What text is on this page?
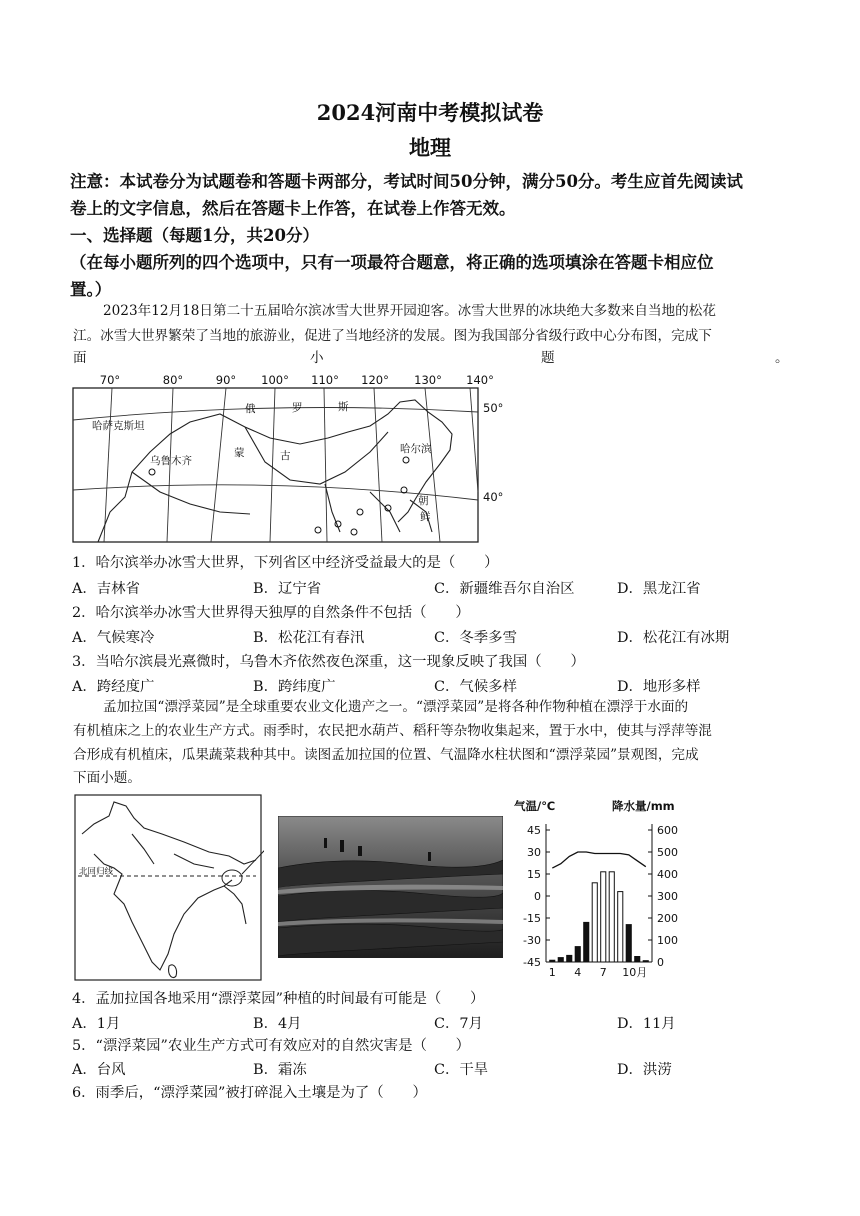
2024河南中考模拟试卷
地理
注意：本试卷分为试题卷和答题卡两部分，考试时间50分钟，满分50分。考生应首先阅读试
卷上的文字信息，然后在答题卡上作答，在试卷上作答无效。
一、选择题（每题1分，共20分）
（在每小题所列的四个选项中，只有一项最符合题意，将正确的选项填涂在答题卡相应位
置。）
2023年12月18日第二十五届哈尔滨冰雪大世界开园迎客。冰雪大世界的冰块绝大多数来自当地的松花
江。冰雪大世界繁荣了当地的旅游业，促进了当地经济的发展。图为我国部分省级行政中心分布图，完成下
面	小	题	。
70°	80°	90° 100° 110° 120° 130° 140°
50°
40°
哈萨克斯坦
俄	罗	斯
蒙	古
乌鲁木齐
哈尔滨
朝
鲜
1．哈尔滨举办冰雪大世界，下列省区中经济受益最大的是（　　）
A．吉林省	B．辽宁省	C．新疆维吾尔自治区	D．黑龙江省
2．哈尔滨举办冰雪大世界得天独厚的自然条件不包括（　　）
A．气候寒冷	B．松花江有春汛	C．冬季多雪	D．松花江有冰期
3．当哈尔滨晨光熹微时，乌鲁木齐依然夜色深重，这一现象反映了我国（　　）
A．跨经度广	B．跨纬度广	C．气候多样	D．地形多样
孟加拉国“漂浮菜园”是全球重要农业文化遗产之一。“漂浮菜园”是将各种作物种植在漂浮于水面的
有机植床之上的农业生产方式。雨季时，农民把水葫芦、稻秆等杂物收集起来，置于水中，使其与浮萍等混
合形成有机植床，瓜果蔬菜栽种其中。读图孟加拉国的位置、气温降水柱状图和“漂浮菜园”景观图，完成
下面小题。
北回归线
气温/℃	降水量/mm
45
30
15
0
-15
-30
-45
600
500
400
300
200
100
0
1 4 7 10月
4．孟加拉国各地采用“漂浮菜园”种植的时间最有可能是（　　）
A．1月	B．4月	C．7月	D．11月
5．“漂浮菜园”农业生产方式可有效应对的自然灾害是（　　）
A．台风	B．霜冻	C．干旱	D．洪涝
6．雨季后，“漂浮菜园”被打碎混入土壤是为了（　　）
